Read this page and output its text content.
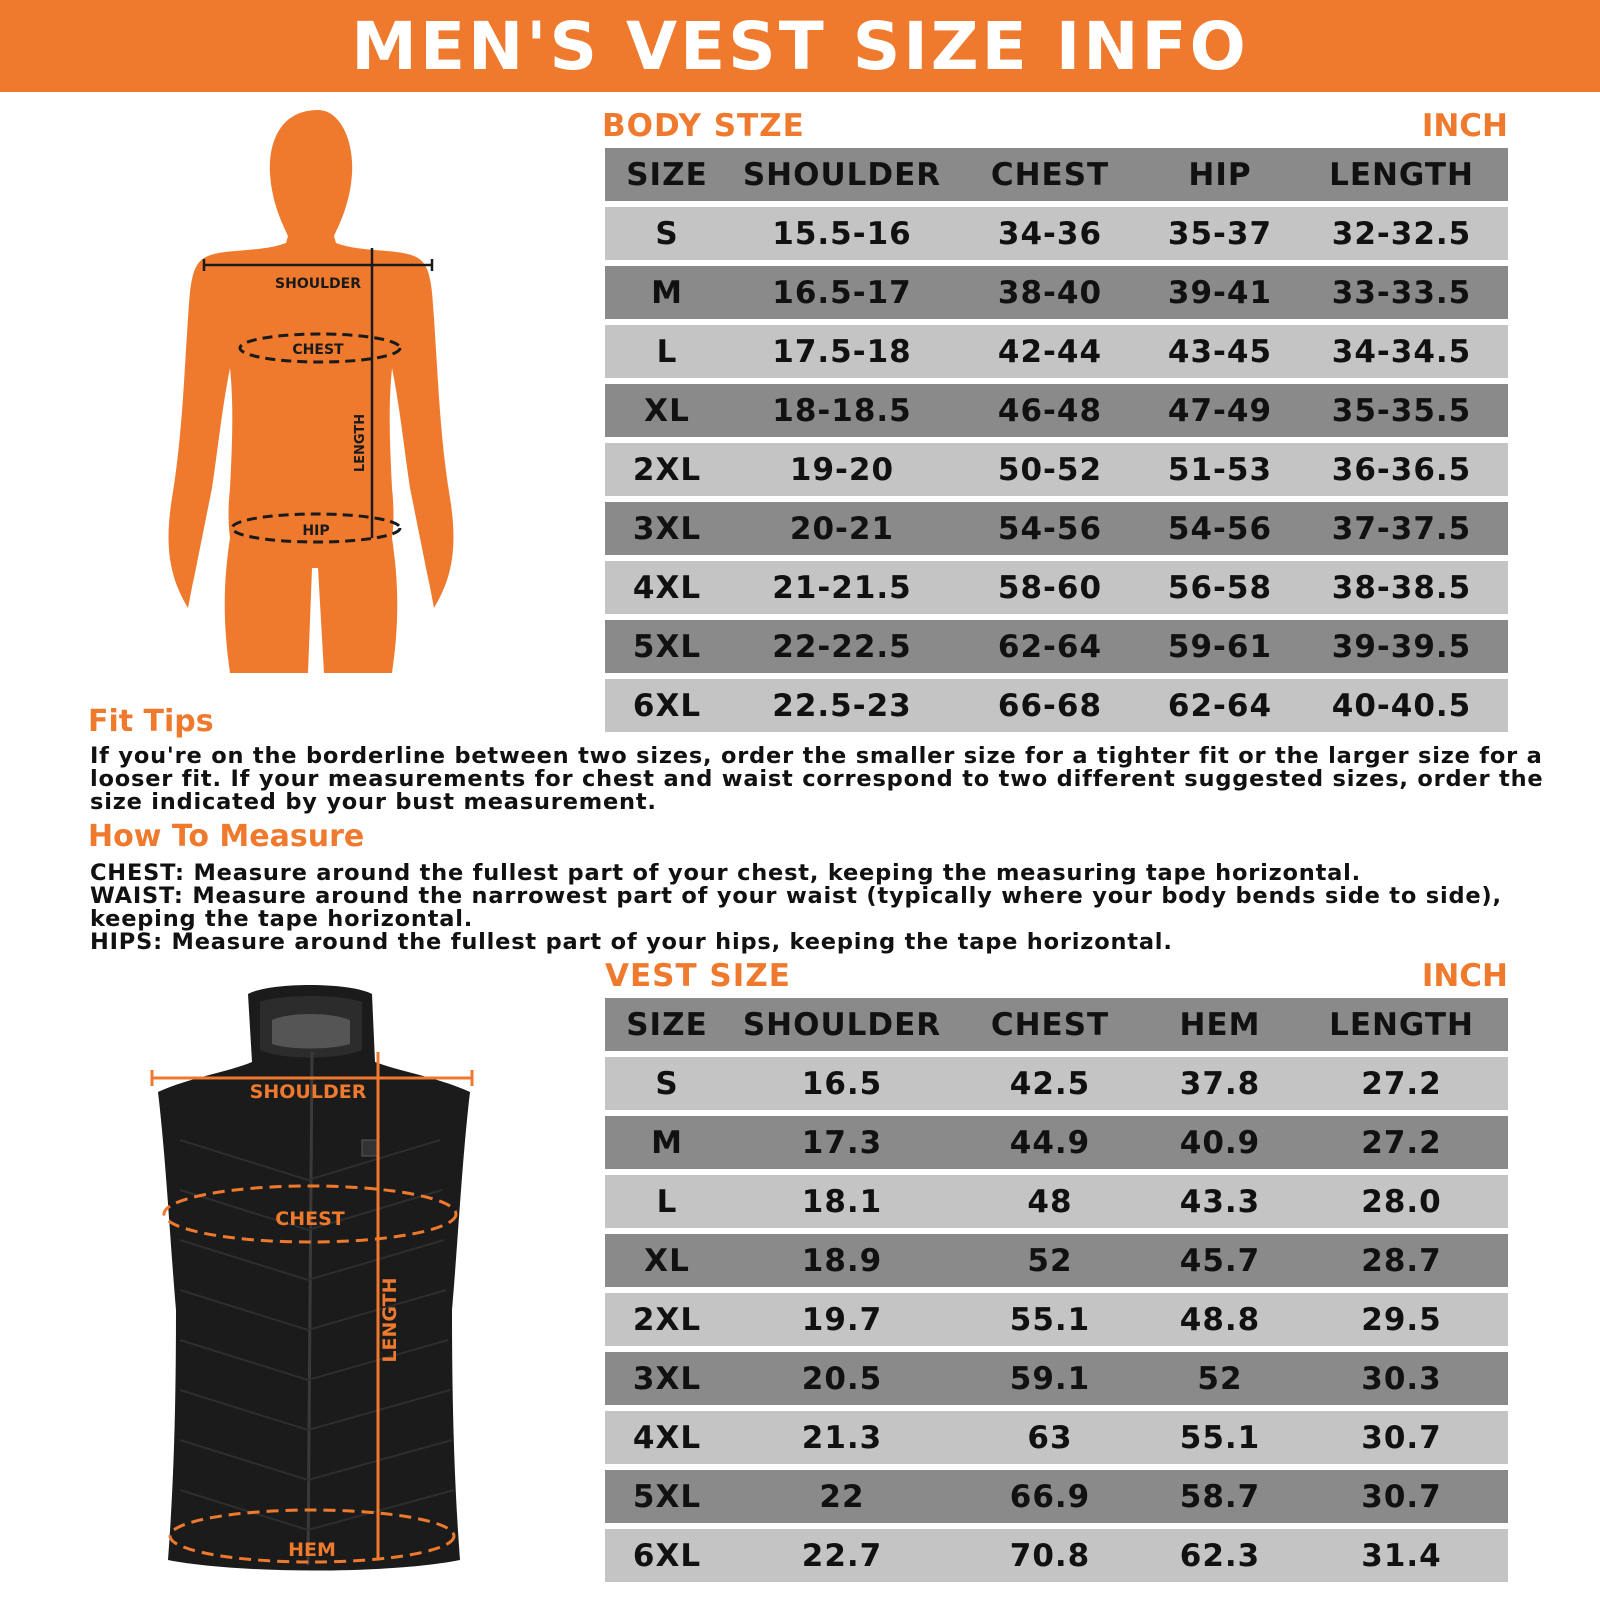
MEN'S VEST SIZE INFO
SHOULDER
CHEST
LENGTH
HIP
BODY STZE	INCH
SIZE	SHOULDER	CHEST	HIP	LENGTH
S	15.5-16	34-36	35-37	32-32.5
M	16.5-17	38-40	39-41	33-33.5
L	17.5-18	42-44	43-45	34-34.5
XL	18-18.5	46-48	47-49	35-35.5
2XL	19-20	50-52	51-53	36-36.5
3XL	20-21	54-56	54-56	37-37.5
4XL	21-21.5	58-60	56-58	38-38.5
5XL	22-22.5	62-64	59-61	39-39.5
6XL	22.5-23	66-68	62-64	40-40.5
Fit Tips
If you're on the borderline between two sizes, order the smaller size for a tighter fit or the larger size for a
looser fit. If your measurements for chest and waist correspond to two different suggested sizes, order the
size indicated by your bust measurement.
How To Measure
CHEST: Measure around the fullest part of your chest, keeping the measuring tape horizontal.
WAIST: Measure around the narrowest part of your waist (typically where your body bends side to side),
keeping the tape horizontal.
HIPS: Measure around the fullest part of your hips, keeping the tape horizontal.
SHOULDER
CHEST
LENGTH
HEM
VEST SIZE	INCH
SIZE	SHOULDER	CHEST	HEM	LENGTH
S	16.5	42.5	37.8	27.2
M	17.3	44.9	40.9	27.2
L	18.1	48	43.3	28.0
XL	18.9	52	45.7	28.7
2XL	19.7	55.1	48.8	29.5
3XL	20.5	59.1	52	30.3
4XL	21.3	63	55.1	30.7
5XL	22	66.9	58.7	30.7
6XL	22.7	70.8	62.3	31.4
